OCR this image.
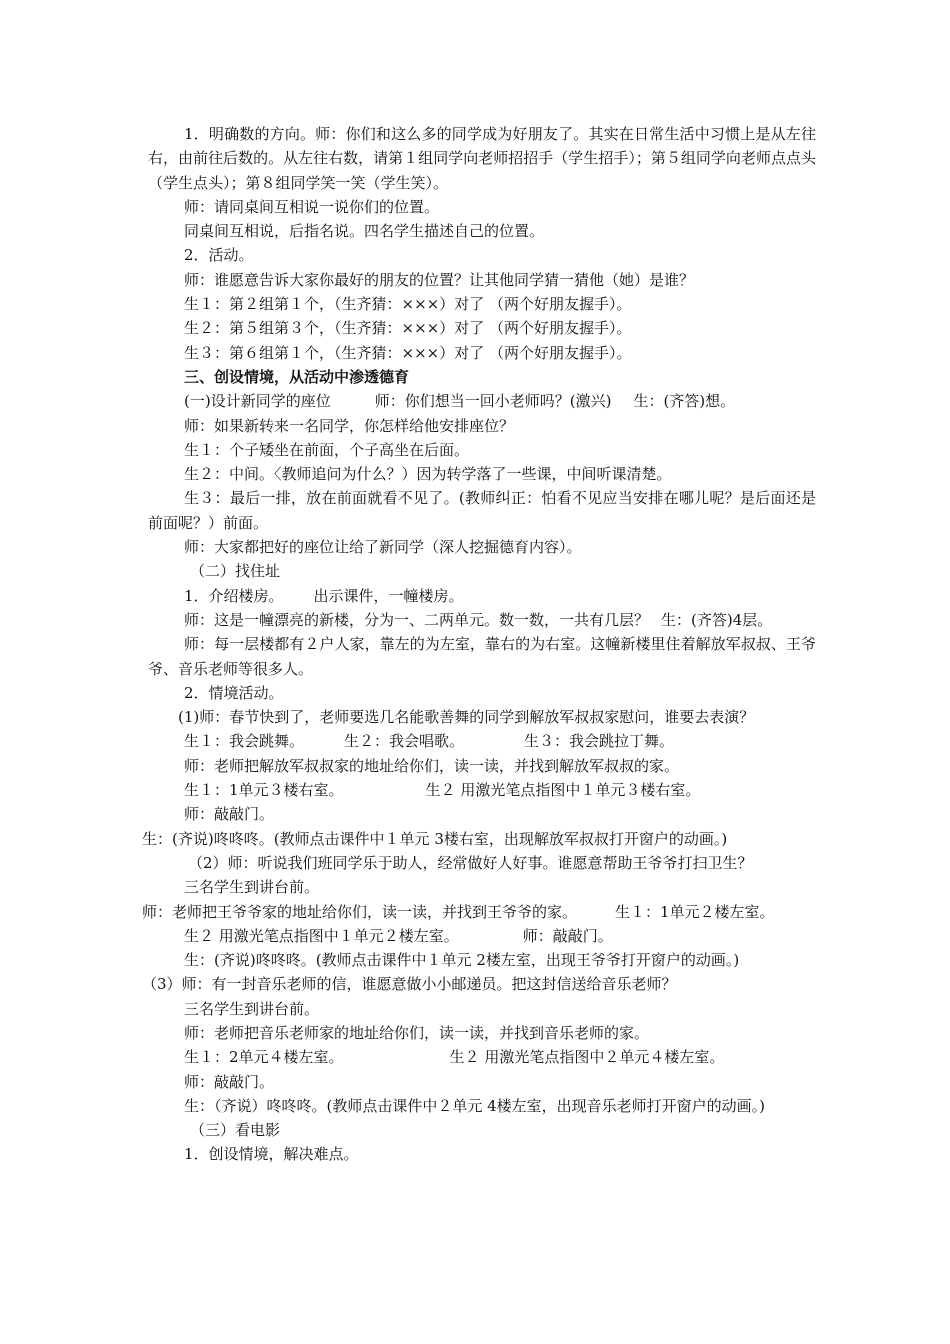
1．明确数的方向。师：你们和这么多的同学成为好朋友了。其实在日常生活中习惯上是从左往右，由前往后数的。从左往右数，请第１组同学向老师招招手（学生招手）；第５组同学向老师点点头（学生点头）；第８组同学笑一笑（学生笑）。

师：请同桌间互相说一说你们的位置。

同桌间互相说，后指名说。四名学生描述自己的位置。

2．活动。

师：谁愿意告诉大家你最好的朋友的位置？让其他同学猜一猜他（她）是谁？

生１：第２组第１个，（生齐猜：×××）对了 （两个好朋友握手）。

生２：第５组第３个，（生齐猜：×××）对了 （两个好朋友握手）。

生３：第６组第１个，（生齐猜：×××）对了 （两个好朋友握手）。

三、创设情境，从活动中渗透德育

(一)设计新同学的座位	师：你们想当一回小老师吗？(激兴) 生：(齐答)想。

师：如果新转来一名同学，你怎样给他安排座位？

生１：个子矮坐在前面，个子高坐在后面。

生２：中间。〈教师追问为什么？）因为转学落了一些课，中间听课清楚。

生３：最后一排，放在前面就看不见了。(教师纠正：怕看不见应当安排在哪儿呢？是后面还是前面呢？）前面。

师：大家都把好的座位让给了新同学（深人挖掘德育内容）。

（二）找住址

1．介绍楼房。 出示课件，一幢楼房。

师：这是一幢漂亮的新楼，分为一、二两单元。数一数，一共有几层？ 生：(齐答)4层。

师：每一层楼都有２户人家，靠左的为左室，靠右的为右室。这幢新楼里住着解放军叔叔、王爷爷、音乐老师等很多人。

2．情境活动。

(1)师：春节快到了，老师要选几名能歌善舞的同学到解放军叔叔家慰问，谁要去表演？

生１：我会跳舞。	生２：我会唱歌。	生３：我会跳拉丁舞。

师：老师把解放军叔叔家的地址给你们，读一读，并找到解放军叔叔的家。

生１：1单元３楼右室。	生２ 用激光笔点指图中１单元３楼右室。

师：敲敲门。

生：(齐说)咚咚咚。(教师点击课件中１单元 3楼右室，出现解放军叔叔打开窗户的动画。)

（2）师：听说我们班同学乐于助人，经常做好人好事。谁愿意帮助王爷爷打扫卫生？

三名学生到讲台前。

师：老师把王爷爷家的地址给你们，读一读，并找到王爷爷的家。	生１：1单元２楼左室。

生２ 用激光笔点指图中１单元２楼左室。	师：敲敲门。

生：(齐说)咚咚咚。(教师点击课件中１单元 2楼左室，出现王爷爷打开窗户的动画。)

（3）师：有一封音乐老师的信，谁愿意做小小邮递员。把这封信送给音乐老师？

三名学生到讲台前。

师：老师把音乐老师家的地址给你们，读一读，并找到音乐老师的家。

生１：2单元４楼左室。	生２ 用激光笔点指图中２单元４楼左室。

师：敲敲门。

生：（齐说）咚咚咚。(教师点击课件中２单元 4楼左室，出现音乐老师打开窗户的动画。)

（三）看电影

1．创设情境，解决难点。
